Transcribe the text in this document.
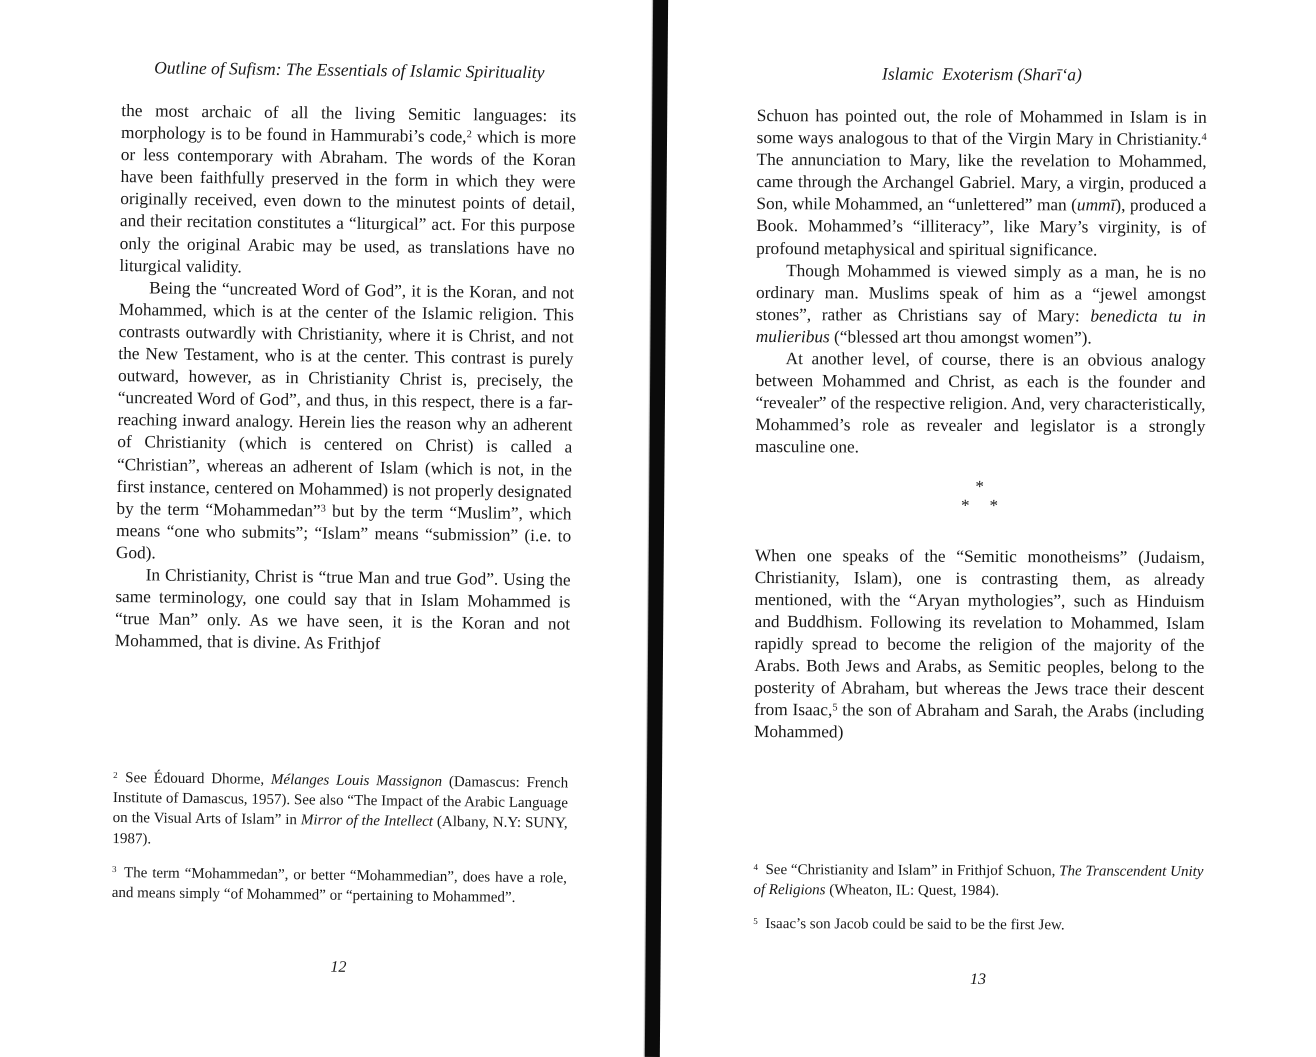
Outline of Sufism: The Essentials of Islamic Spirituality

the most archaic of all the living Semitic languages: its morphology is to be found in Hammurabi’s code,$^2$ which is more or less contemporary with Abraham. The words of the Koran have been faithfully preserved in the form in which they were originally received, even down to the minutest points of detail, and their recitation constitutes a “liturgical” act. For this purpose only the original Arabic may be used, as translations have no liturgical validity.

Being the “uncreated Word of God”, it is the Koran, and not Mohammed, which is at the center of the Islamic religion. This contrasts outwardly with Christianity, where it is Christ, and not the New Testament, who is at the center. This contrast is purely outward, however, as in Christianity Christ is, precisely, the “uncreated Word of God”, and thus, in this respect, there is a far-reaching inward analogy. Herein lies the reason why an adherent of Christianity (which is centered on Christ) is called a “Christian”, whereas an adherent of Islam (which is not, in the first instance, centered on Mohammed) is not properly designated by the term “Mohammedan”$^3$ but by the term “Muslim”, which means “one who submits”; “Islam” means “submission” (i.e. to God).

In Christianity, Christ is “true Man and true God”. Using the same terminology, one could say that in Islam Mohammed is “true Man” only. As we have seen, it is the Koran and not Mohammed, that is divine. As Frithjof

$^2$ See Édouard Dhorme, Mélanges Louis Massignon (Damascus: French Institute of Damascus, 1957). See also “The Impact of the Arabic Language on the Visual Arts of Islam” in Mirror of the Intellect (Albany, N.Y: SUNY, 1987).

$^3$ The term “Mohammedan”, or better “Mohammedian”, does have a role, and means simply “of Mohammed” or “pertaining to Mohammed”.

12
Islamic Exoterism (Sharī‘a)

Schuon has pointed out, the role of Mohammed in Islam is in some ways analogous to that of the Virgin Mary in Christianity.$^4$ The annunciation to Mary, like the revelation to Mohammed, came through the Archangel Gabriel. Mary, a virgin, produced a Son, while Mohammed, an “unlettered” man (ummī), produced a Book. Mohammed’s “illiteracy”, like Mary’s virginity, is of profound metaphysical and spiritual significance.

Though Mohammed is viewed simply as a man, he is no ordinary man. Muslims speak of him as a “jewel amongst stones”, rather as Christians say of Mary: benedicta tu in mulieribus (“blessed art thou amongst women”).

At another level, of course, there is an obvious analogy between Mohammed and Christ, as each is the founder and “revealer” of the respective religion. And, very characteristically, Mohammed’s role as revealer and legislator is a strongly masculine one.

*
*  *

When one speaks of the “Semitic monotheisms” (Judaism, Christianity, Islam), one is contrasting them, as already mentioned, with the “Aryan mythologies”, such as Hinduism and Buddhism. Following its revelation to Mohammed, Islam rapidly spread to become the religion of the majority of the Arabs. Both Jews and Arabs, as Semitic peoples, belong to the posterity of Abraham, but whereas the Jews trace their descent from Isaac,$^5$ the son of Abraham and Sarah, the Arabs (including Mohammed)

$^4$ See “Christianity and Islam” in Frithjof Schuon, The Transcendent Unity of Religions (Wheaton, IL: Quest, 1984).

$^5$ Isaac’s son Jacob could be said to be the first Jew.

13
